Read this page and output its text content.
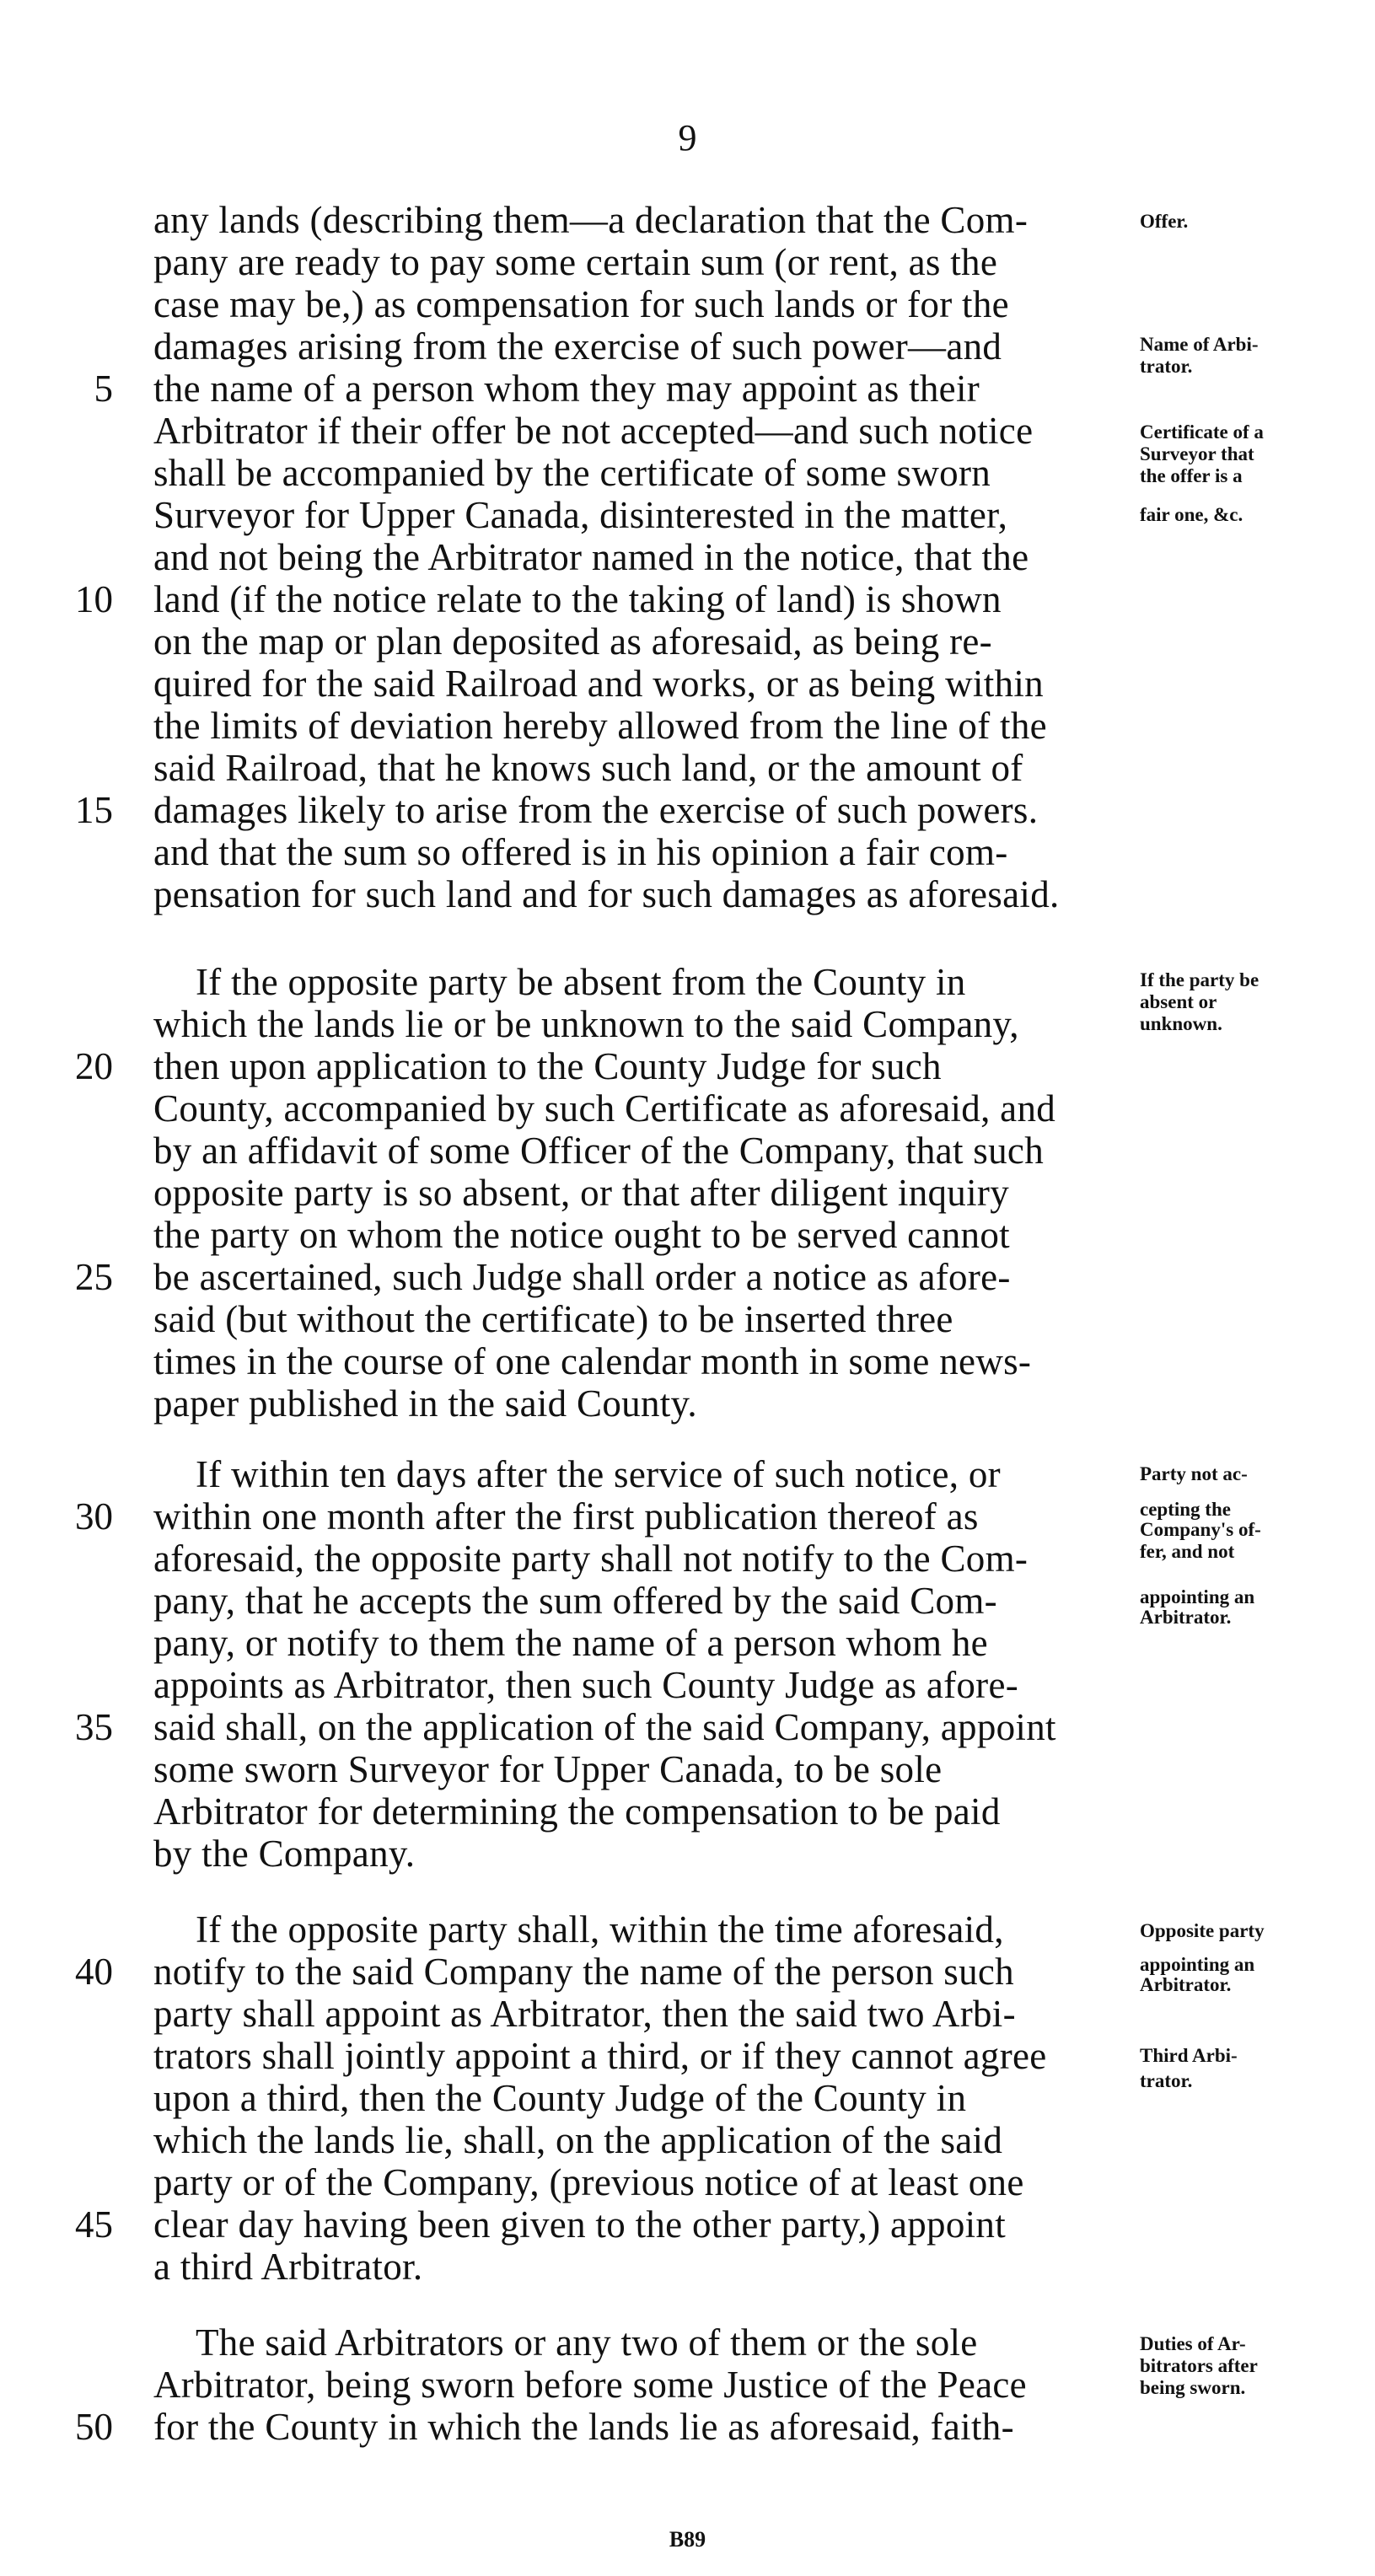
9
any lands (describing them—a declaration that the Com-
pany are ready to pay some certain sum (or rent, as the
case may be,) as compensation for such lands or for the
damages arising from the exercise of such power—and
the name of a person whom they may appoint as their
Arbitrator if their offer be not accepted—and such notice
shall be accompanied by the certificate of some sworn
Surveyor for Upper Canada, disinterested in the matter,
and not being the Arbitrator named in the notice, that the
land (if the notice relate to the taking of land) is shown
on the map or plan deposited as aforesaid, as being re-
quired for the said Railroad and works, or as being within
the limits of deviation hereby allowed from the line of the
said Railroad, that he knows such land, or the amount of
damages likely to arise from the exercise of such powers.
and that the sum so offered is in his opinion a fair com-
pensation for such land and for such damages as aforesaid.
If the opposite party be absent from the County in
which the lands lie or be unknown to the said Company,
then upon application to the County Judge for such
County, accompanied by such Certificate as aforesaid, and
by an affidavit of some Officer of the Company, that such
opposite party is so absent, or that after diligent inquiry
the party on whom the notice ought to be served cannot
be ascertained, such Judge shall order a notice as afore-
said (but without the certificate) to be inserted three
times in the course of one calendar month in some news-
paper published in the said County.
If within ten days after the service of such notice, or
within one month after the first publication thereof as
aforesaid, the opposite party shall not notify to the Com-
pany, that he accepts the sum offered by the said Com-
pany, or notify to them the name of a person whom he
appoints as Arbitrator, then such County Judge as afore-
said shall, on the application of the said Company, appoint
some sworn Surveyor for Upper Canada, to be sole
Arbitrator for determining the compensation to be paid
by the Company.
If the opposite party shall, within the time aforesaid,
notify to the said Company the name of the person such
party shall appoint as Arbitrator, then the said two Arbi-
trators shall jointly appoint a third, or if they cannot agree
upon a third, then the County Judge of the County in
which the lands lie, shall, on the application of the said
party or of the Company, (previous notice of at least one
clear day having been given to the other party,) appoint
a third Arbitrator.
The said Arbitrators or any two of them or the sole
Arbitrator, being sworn before some Justice of the Peace
for the County in which the lands lie as aforesaid, faith-
5
10
15
20
25
30
35
40
45
50
Offer.
Name of Arbi-
trator.
Certificate of a
Surveyor that
the offer is a
fair one, &c.
If the party be
absent or
unknown.
Party not ac-
cepting the
Company's of-
fer, and not
appointing an
Arbitrator.
Opposite party
appointing an
Arbitrator.
Third Arbi-
trator.
Duties of Ar-
bitrators after
being sworn.
B89
